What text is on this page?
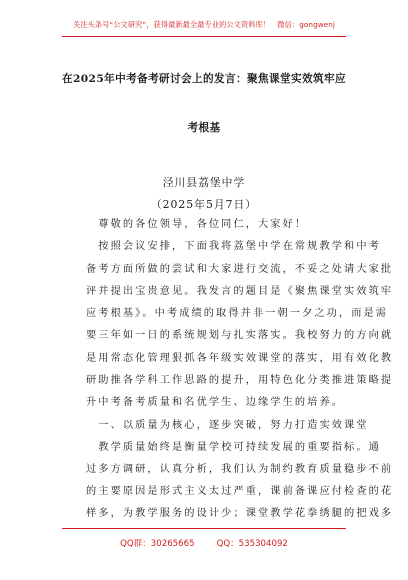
关注头条号“公文研究”，获得最新最全最专业的公文资料库！　微信：gongwenj
在2025年中考备考研讨会上的发言：聚焦课堂实效筑牢应
考根基
泾川县荔堡中学
（2025年5月7日）
　尊敬的各位领导，各位同仁，大家好！
　按照会议安排，下面我将荔堡中学在常规教学和中考
备考方面所做的尝试和大家进行交流，不妥之处请大家批
评并提出宝贵意见。我发言的题目是《聚焦课堂实效筑牢
应考根基》。中考成绩的取得并非一朝一夕之功，而是需
要三年如一日的系统规划与扎实落实。我校努力的方向就
是用常态化管理狠抓各年级实效课堂的落实，用有效化教
研助推各学科工作思路的提升，用特色化分类推进策略提
升中考备考质量和名优学生、边缘学生的培养。
　一、以质量为核心，逐步突破，努力打造实效课堂
　教学质量始终是衡量学校可持续发展的重要指标。通
过多方调研，认真分析，我们认为制约教育质量稳步不前
的主要原因是形式主义太过严重，课前备课应付检查的花
样多，为教学服务的设计少；课堂教学花拳绣腿的把戏多
QQ群：30265665	QQ：535304092
